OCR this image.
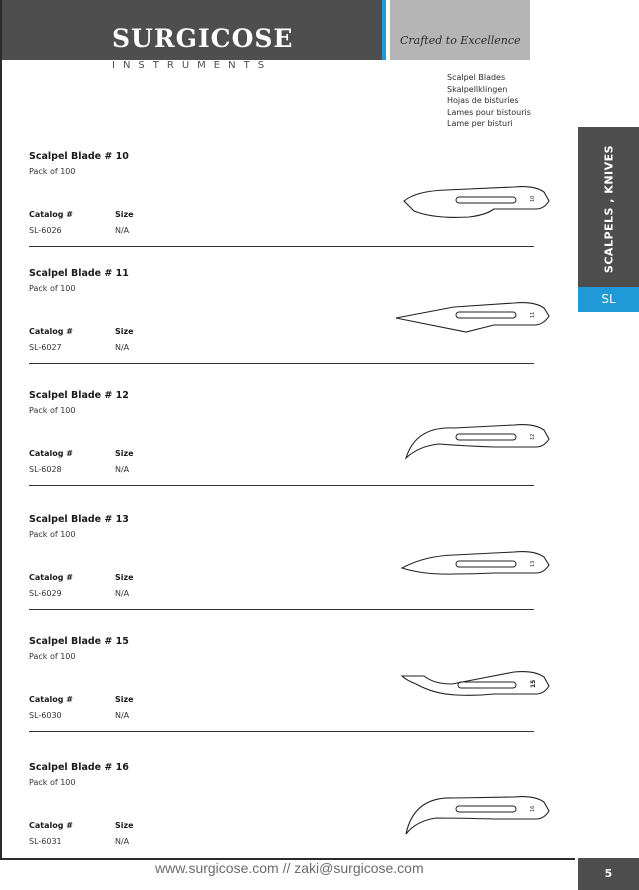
SURGICOSE
INSTRUMENTS
Crafted to Excellence
Scalpel Blades
Skalpellklingen
Hojas de bisturíes
Lames pour bistouris
Lame per bisturi
SCALPELS , KNIVES
SL
Scalpel Blade # 10
Pack of 100
Catalog #	Size
SL-6026	N/A
10
Scalpel Blade # 11
Pack of 100
Catalog #	Size
SL-6027	N/A
11
Scalpel Blade # 12
Pack of 100
Catalog #	Size
SL-6028	N/A
12
Scalpel Blade # 13
Pack of 100
Catalog #	Size
SL-6029	N/A
13
Scalpel Blade # 15
Pack of 100
Catalog #	Size
SL-6030	N/A
15
Scalpel Blade # 16
Pack of 100
Catalog #	Size
SL-6031	N/A
16
www.surgicose.com // zaki@surgicose.com	5
